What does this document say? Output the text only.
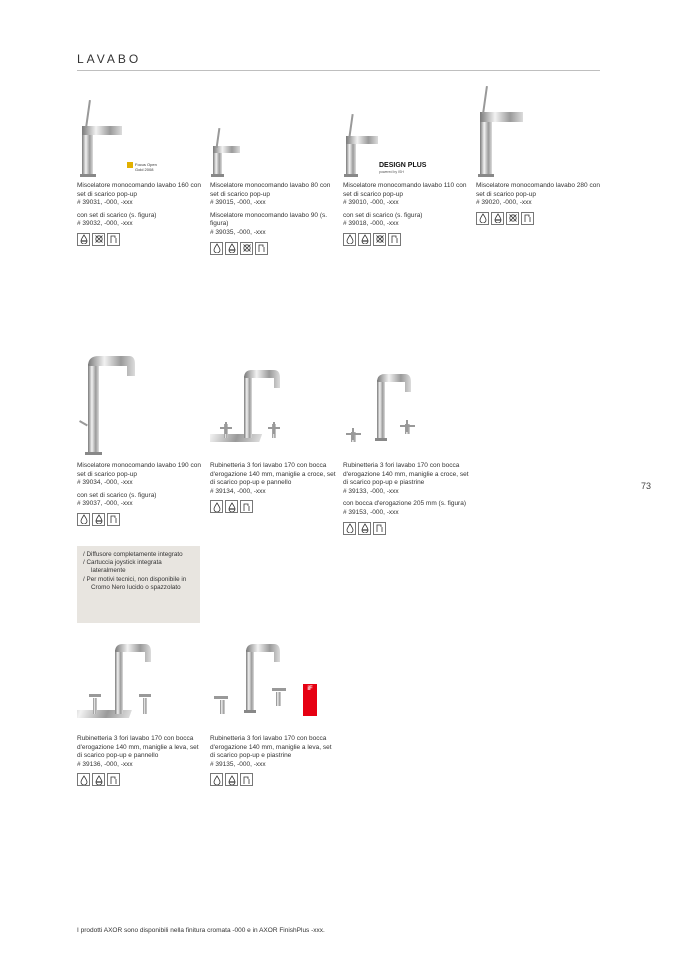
LAVABO
Focus Open
Gold 2008

Miscelatore monocomando lavabo 160 con set di scarico pop-up
# 39031, -000, -xxx

con set di scarico (s. figura)
# 39032, -000, -xxx

Miscelatore monocomando lavabo 80 con set di scarico pop-up
# 39015, -000, -xxx

Miscelatore monocomando lavabo 90 (s. figura)
# 39035, -000, -xxx

DESIGN PLUS
powered by ISH

Miscelatore monocomando lavabo 110 con set di scarico pop-up
# 39010, -000, -xxx

con set di scarico (s. figura)
# 39018, -000, -xxx

Miscelatore monocomando lavabo 280 con set di scarico pop-up
# 39020, -000, -xxx

Miscelatore monocomando lavabo 190 con set di scarico pop-up
# 39034, -000, -xxx

con set di scarico (s. figura)
# 39037, -000, -xxx

Rubinetteria 3 fori lavabo 170 con bocca d'erogazione 140 mm, maniglie a croce, set di scarico pop-up e pannello
# 39134, -000, -xxx

Rubinetteria 3 fori lavabo 170 con bocca d'erogazione 140 mm, maniglie a croce, set di scarico pop-up e piastrine
# 39133, -000, -xxx

con bocca d'erogazione 205 mm (s. figura)
# 39153, -000, -xxx

/ Diffusore completamente integrato
/ Cartuccia joystick integrata lateralmente
/ Per motivi tecnici, non disponibile in Cromo Nero lucido o spazzolato

Rubinetteria 3 fori lavabo 170 con bocca d'erogazione 140 mm, maniglie a leva, set di scarico pop-up e pannello
# 39136, -000, -xxx

iF

Rubinetteria 3 fori lavabo 170 con bocca d'erogazione 140 mm, maniglie a leva, set di scarico pop-up e piastrine
# 39135, -000, -xxx

73
I prodotti AXOR sono disponibili nella finitura cromata -000 e in AXOR FinishPlus -xxx.
